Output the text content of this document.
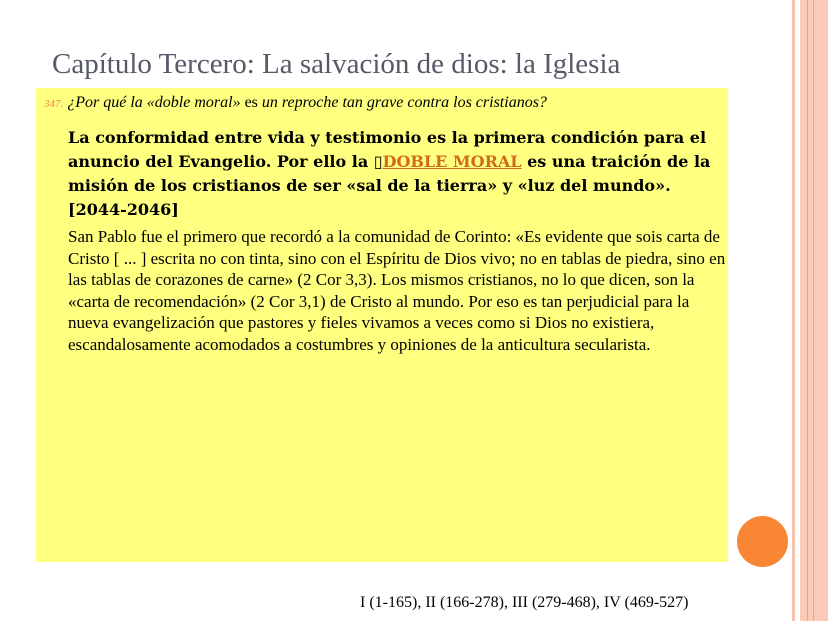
Capítulo Tercero: La salvación de dios: la Iglesia
347. ¿Por qué la «doble moral» es un reproche tan grave contra los cristianos?
La conformidad entre vida y testimonio es la primera condición para el anuncio del Evangelio. Por ello la ▯DOBLE MORAL es una traición de la misión de los cristianos de ser «sal de la tierra» y «luz del mundo». [2044-2046]
San Pablo fue el primero que recordó a la comunidad de Corinto: «Es evidente que sois carta de Cristo [ ... ] escrita no con tinta, sino con el Espíritu de Dios vivo; no en tablas de piedra, sino en las tablas de corazones de carne» (2 Cor 3,3). Los mismos cristianos, no lo que dicen, son la «carta de recomendación» (2 Cor 3,1) de Cristo al mundo. Por eso es tan perjudicial para la nueva evangelización que pastores y fieles vivamos a veces como si Dios no existiera, escandalosamente acomodados a costumbres y opiniones de la anticultura secularista.
I (1-165), II (166-278), III (279-468), IV (469-527)
